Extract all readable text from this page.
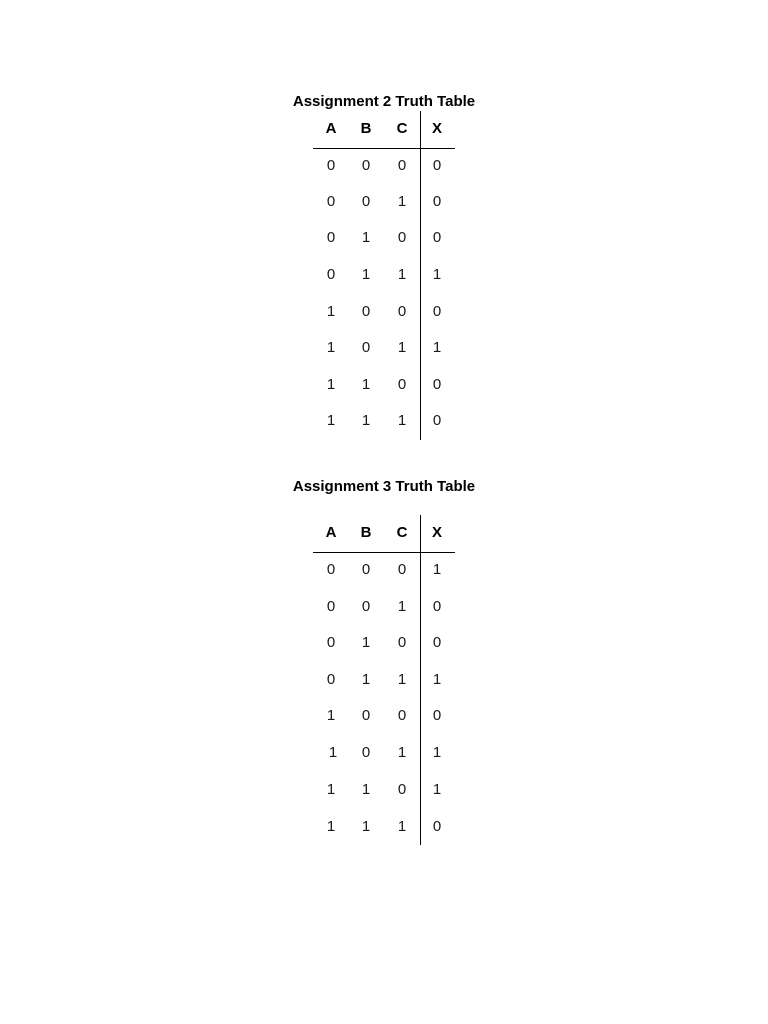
Assignment 2 Truth Table
A	B	C	X
0	0	0	0
0	0	1	0
0	1	0	0
0	1	1	1
1	0	0	0
1	0	1	1
1	1	0	0
1	1	1	0
Assignment 3 Truth Table
A	B	C	X
0	0	0	1
0	0	1	0
0	1	0	0
0	1	1	1
1	0	0	0
1	0	1	1
1	1	0	1
1	1	1	0
